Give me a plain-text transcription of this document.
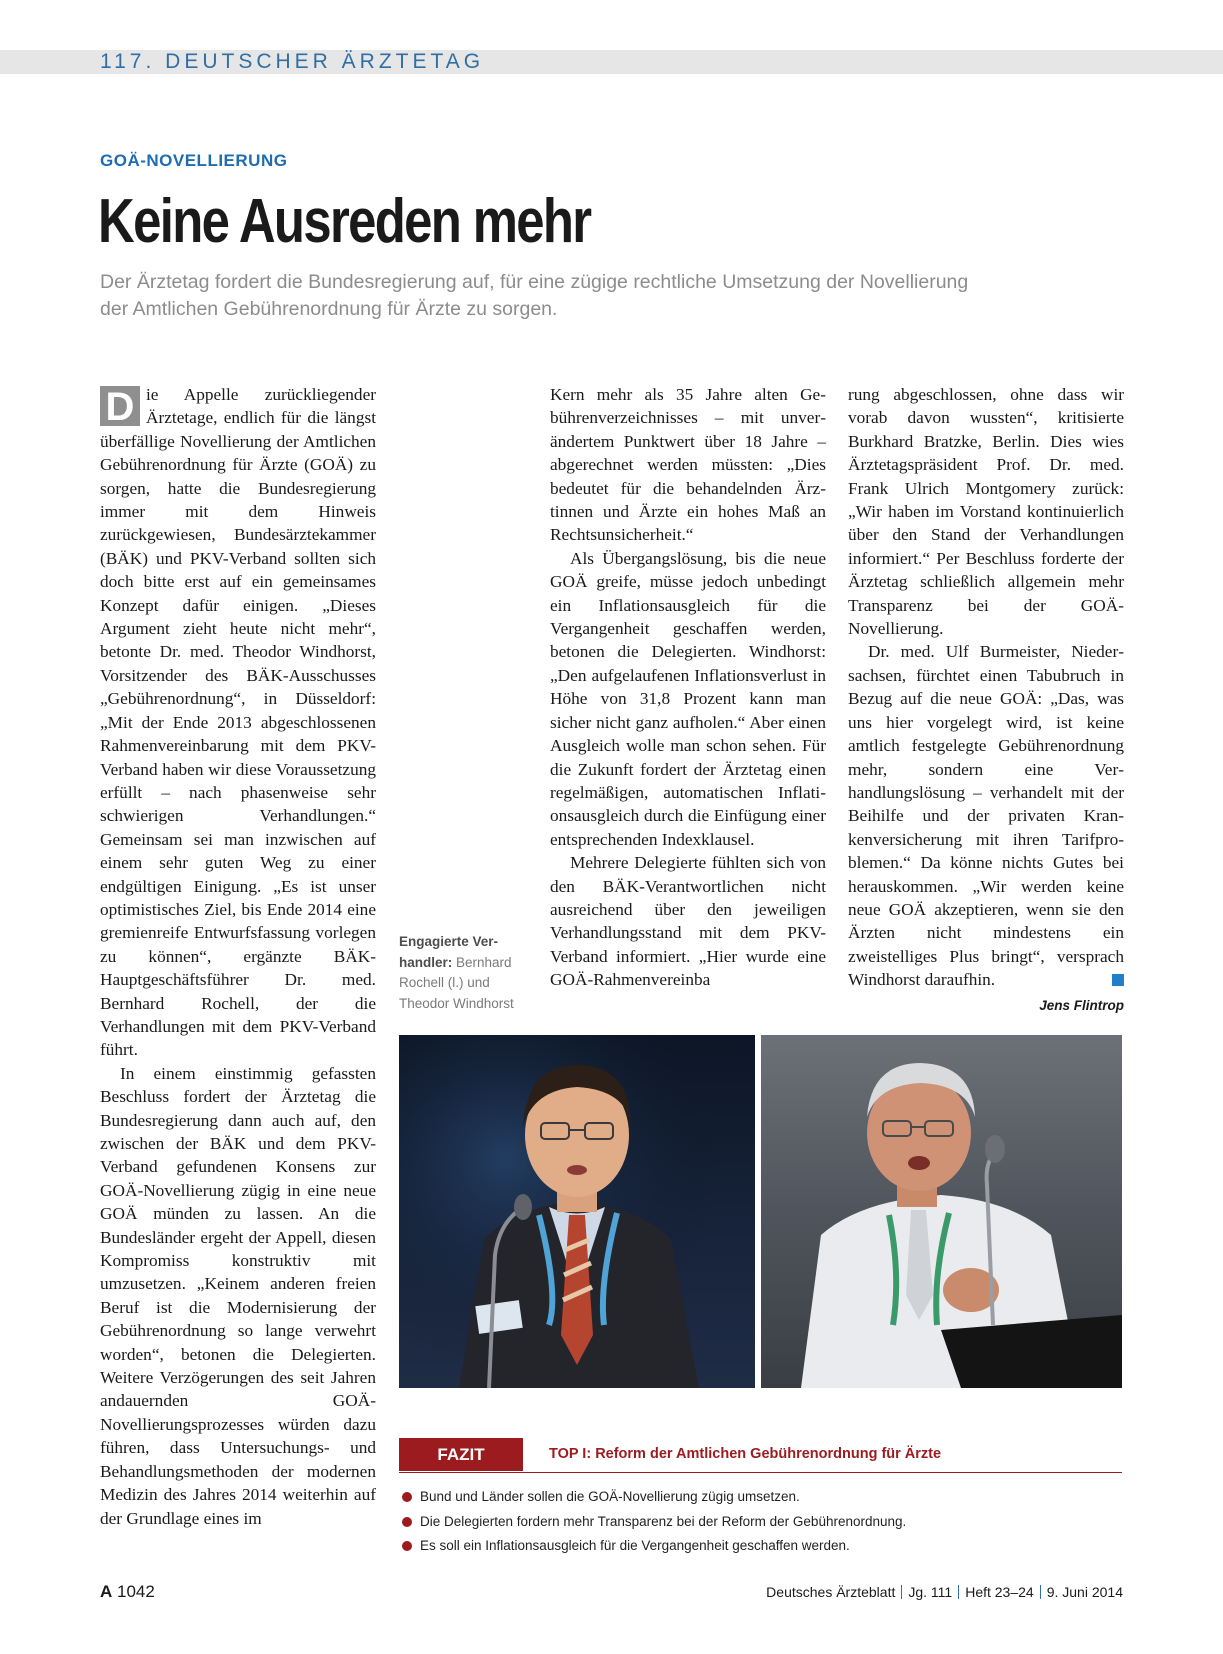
117. DEUTSCHER ÄRZTETAG
GOÄ-NOVELLIERUNG
Keine Ausreden mehr
Der Ärztetag fordert die Bundesregierung auf, für eine zügige rechtliche Umsetzung der Novellierung der Amtlichen Gebührenordnung für Ärzte zu sorgen.

D ie Appelle zurückliegender Ärztetage, endlich für die längst überfällige Novellierung der Amtlichen Gebührenordnung für Ärzte (GOÄ) zu sorgen, hatte die Bundesregierung immer mit dem Hinweis zurückgewiesen, Bundesärztekammer (BÄK) und PKV-Verband sollten sich doch bitte erst auf ein gemeinsames Konzept dafür einigen. „Dieses Argument zieht heute nicht mehr“, betonte Dr. med. Theodor Windhorst, Vorsitzender des BÄK-Ausschusses „Gebührenordnung“, in Düsseldorf: „Mit der Ende 2013 abgeschlossenen Rahmenvereinbarung mit dem PKV-Verband haben wir diese Voraussetzung erfüllt – nach phasenweise sehr schwierigen Verhandlungen.“ Gemeinsam sei man inzwischen auf einem sehr guten Weg zu einer endgültigen Einigung. „Es ist unser optimistisches Ziel, bis Ende 2014 eine gremienreife Entwurfsfassung vorlegen zu können“, ergänzte BÄK-Hauptgeschäftsführer Dr. med. Bernhard Rochell, der die Verhandlungen mit dem PKV-Verband führt.

In einem einstimmig gefassten Beschluss fordert der Ärztetag die Bundesregierung dann auch auf, den zwischen der BÄK und dem PKV-Verband gefundenen Konsens zur GOÄ-Novellierung zügig in eine neue GOÄ münden zu lassen. An die Bundesländer ergeht der Appell, diesen Kompromiss konstruktiv mit umzusetzen. „Keinem anderen freien Beruf ist die Modernisierung der Gebührenordnung so lange verwehrt worden“, betonen die Delegierten. Weitere Verzögerungen des seit Jahren andauernden GOÄ-Novellierungsprozesses würden dazu führen, dass Untersuchungs- und Behandlungsmethoden der modernen Medizin des Jahres 2014 weiterhin auf der Grundlage eines im

Engagierte Verhandler: Bernhard Rochell (l.) und Theodor Windhorst

Kern mehr als 35 Jahre alten Gebührenverzeichnisses – mit unverändertem Punktwert über 18 Jahre – abgerechnet werden müssten: „Dies bedeutet für die behandelnden Ärztinnen und Ärzte ein hohes Maß an Rechtsunsicherheit.“

Als Übergangslösung, bis die neue GOÄ greife, müsse jedoch unbedingt ein Inflationsausgleich für die Vergangenheit geschaffen werden, betonen die Delegierten. Windhorst: „Den aufgelaufenen Inflationsverlust in Höhe von 31,8 Prozent kann man sicher nicht ganz aufholen.“ Aber einen Ausgleich wolle man schon sehen. Für die Zukunft fordert der Ärztetag einen regelmäßigen, automatischen Inflationsausgleich durch die Einfügung einer entsprechenden Indexklausel.

Mehrere Delegierte fühlten sich von den BÄK-Verantwortlichen nicht ausreichend über den jeweiligen Verhandlungsstand mit dem PKV-Verband informiert. „Hier wurde eine GOÄ-Rahmenvereinba

rung abgeschlossen, ohne dass wir vorab davon wussten“, kritisierte Burkhard Bratzke, Berlin. Dies wies Ärztetagspräsident Prof. Dr. med. Frank Ulrich Montgomery zurück: „Wir haben im Vorstand kontinuierlich über den Stand der Verhandlungen informiert.“ Per Beschluss forderte der Ärztetag schließlich allgemein mehr Transparenz bei der GOÄ-Novellierung.

Dr. med. Ulf Burmeister, Niedersachsen, fürchtet einen Tabubruch in Bezug auf die neue GOÄ: „Das, was uns hier vorgelegt wird, ist keine amtlich festgelegte Gebührenordnung mehr, sondern eine Verhandlungslösung – verhandelt mit der Beihilfe und der privaten Krankenversicherung mit ihren Tarifproblemen.“ Da könne nichts Gutes bei herauskommen. „Wir werden keine neue GOÄ akzeptieren, wenn sie den Ärzten nicht mindestens ein zweistelliges Plus bringt“, versprach Windhorst daraufhin.

Jens Flintrop
FAZIT	TOP I: Reform der Amtlichen Gebührenordnung für Ärzte
Bund und Länder sollen die GOÄ-Novellierung zügig umsetzen.
Die Delegierten fordern mehr Transparenz bei der Reform der Gebührenordnung.
Es soll ein Inflationsausgleich für die Vergangenheit geschaffen werden.
A 1042	Deutsches Ärzteblatt Jg. 111 Heft 23–24 9. Juni 2014
